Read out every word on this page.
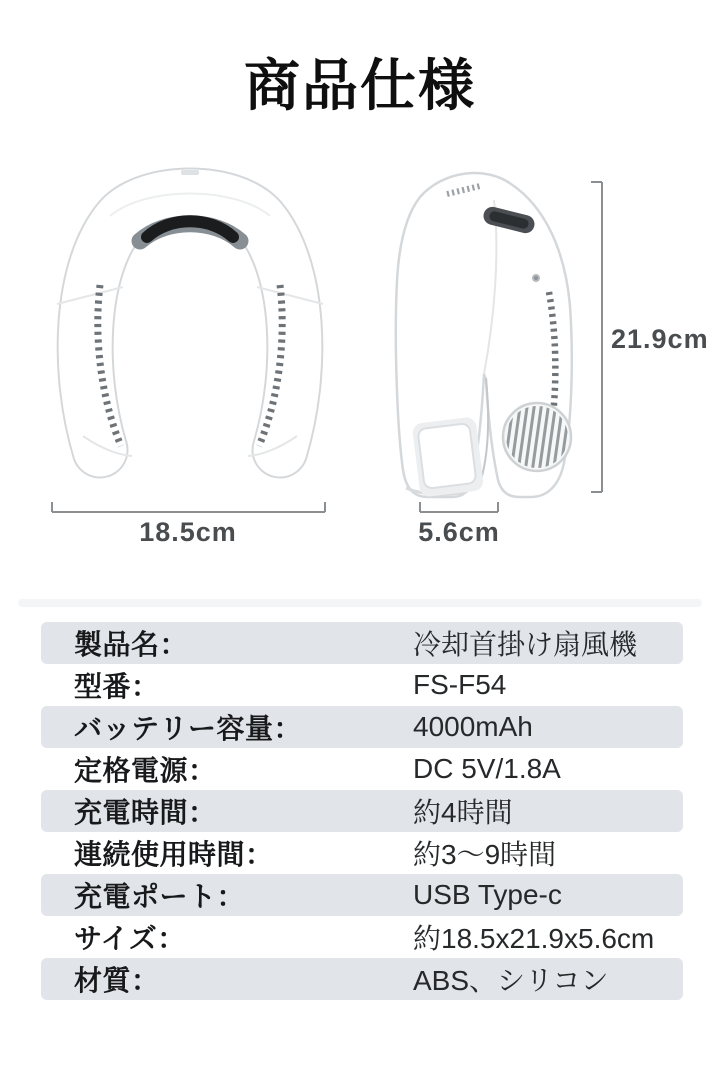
商品仕様
18.5cm	5.6cm
21.9cm
製品名：	冷却首掛け扇風機
型番：	FS-F54
バッテリー容量：	4000mAh
定格電源：	DC 5V/1.8A
充電時間：	約4時間
連続使用時間：	約3〜9時間
充電ポート：	USB Type-c
サイズ：	約18.5x21.9x5.6cm
材質：	ABS、シリコン
